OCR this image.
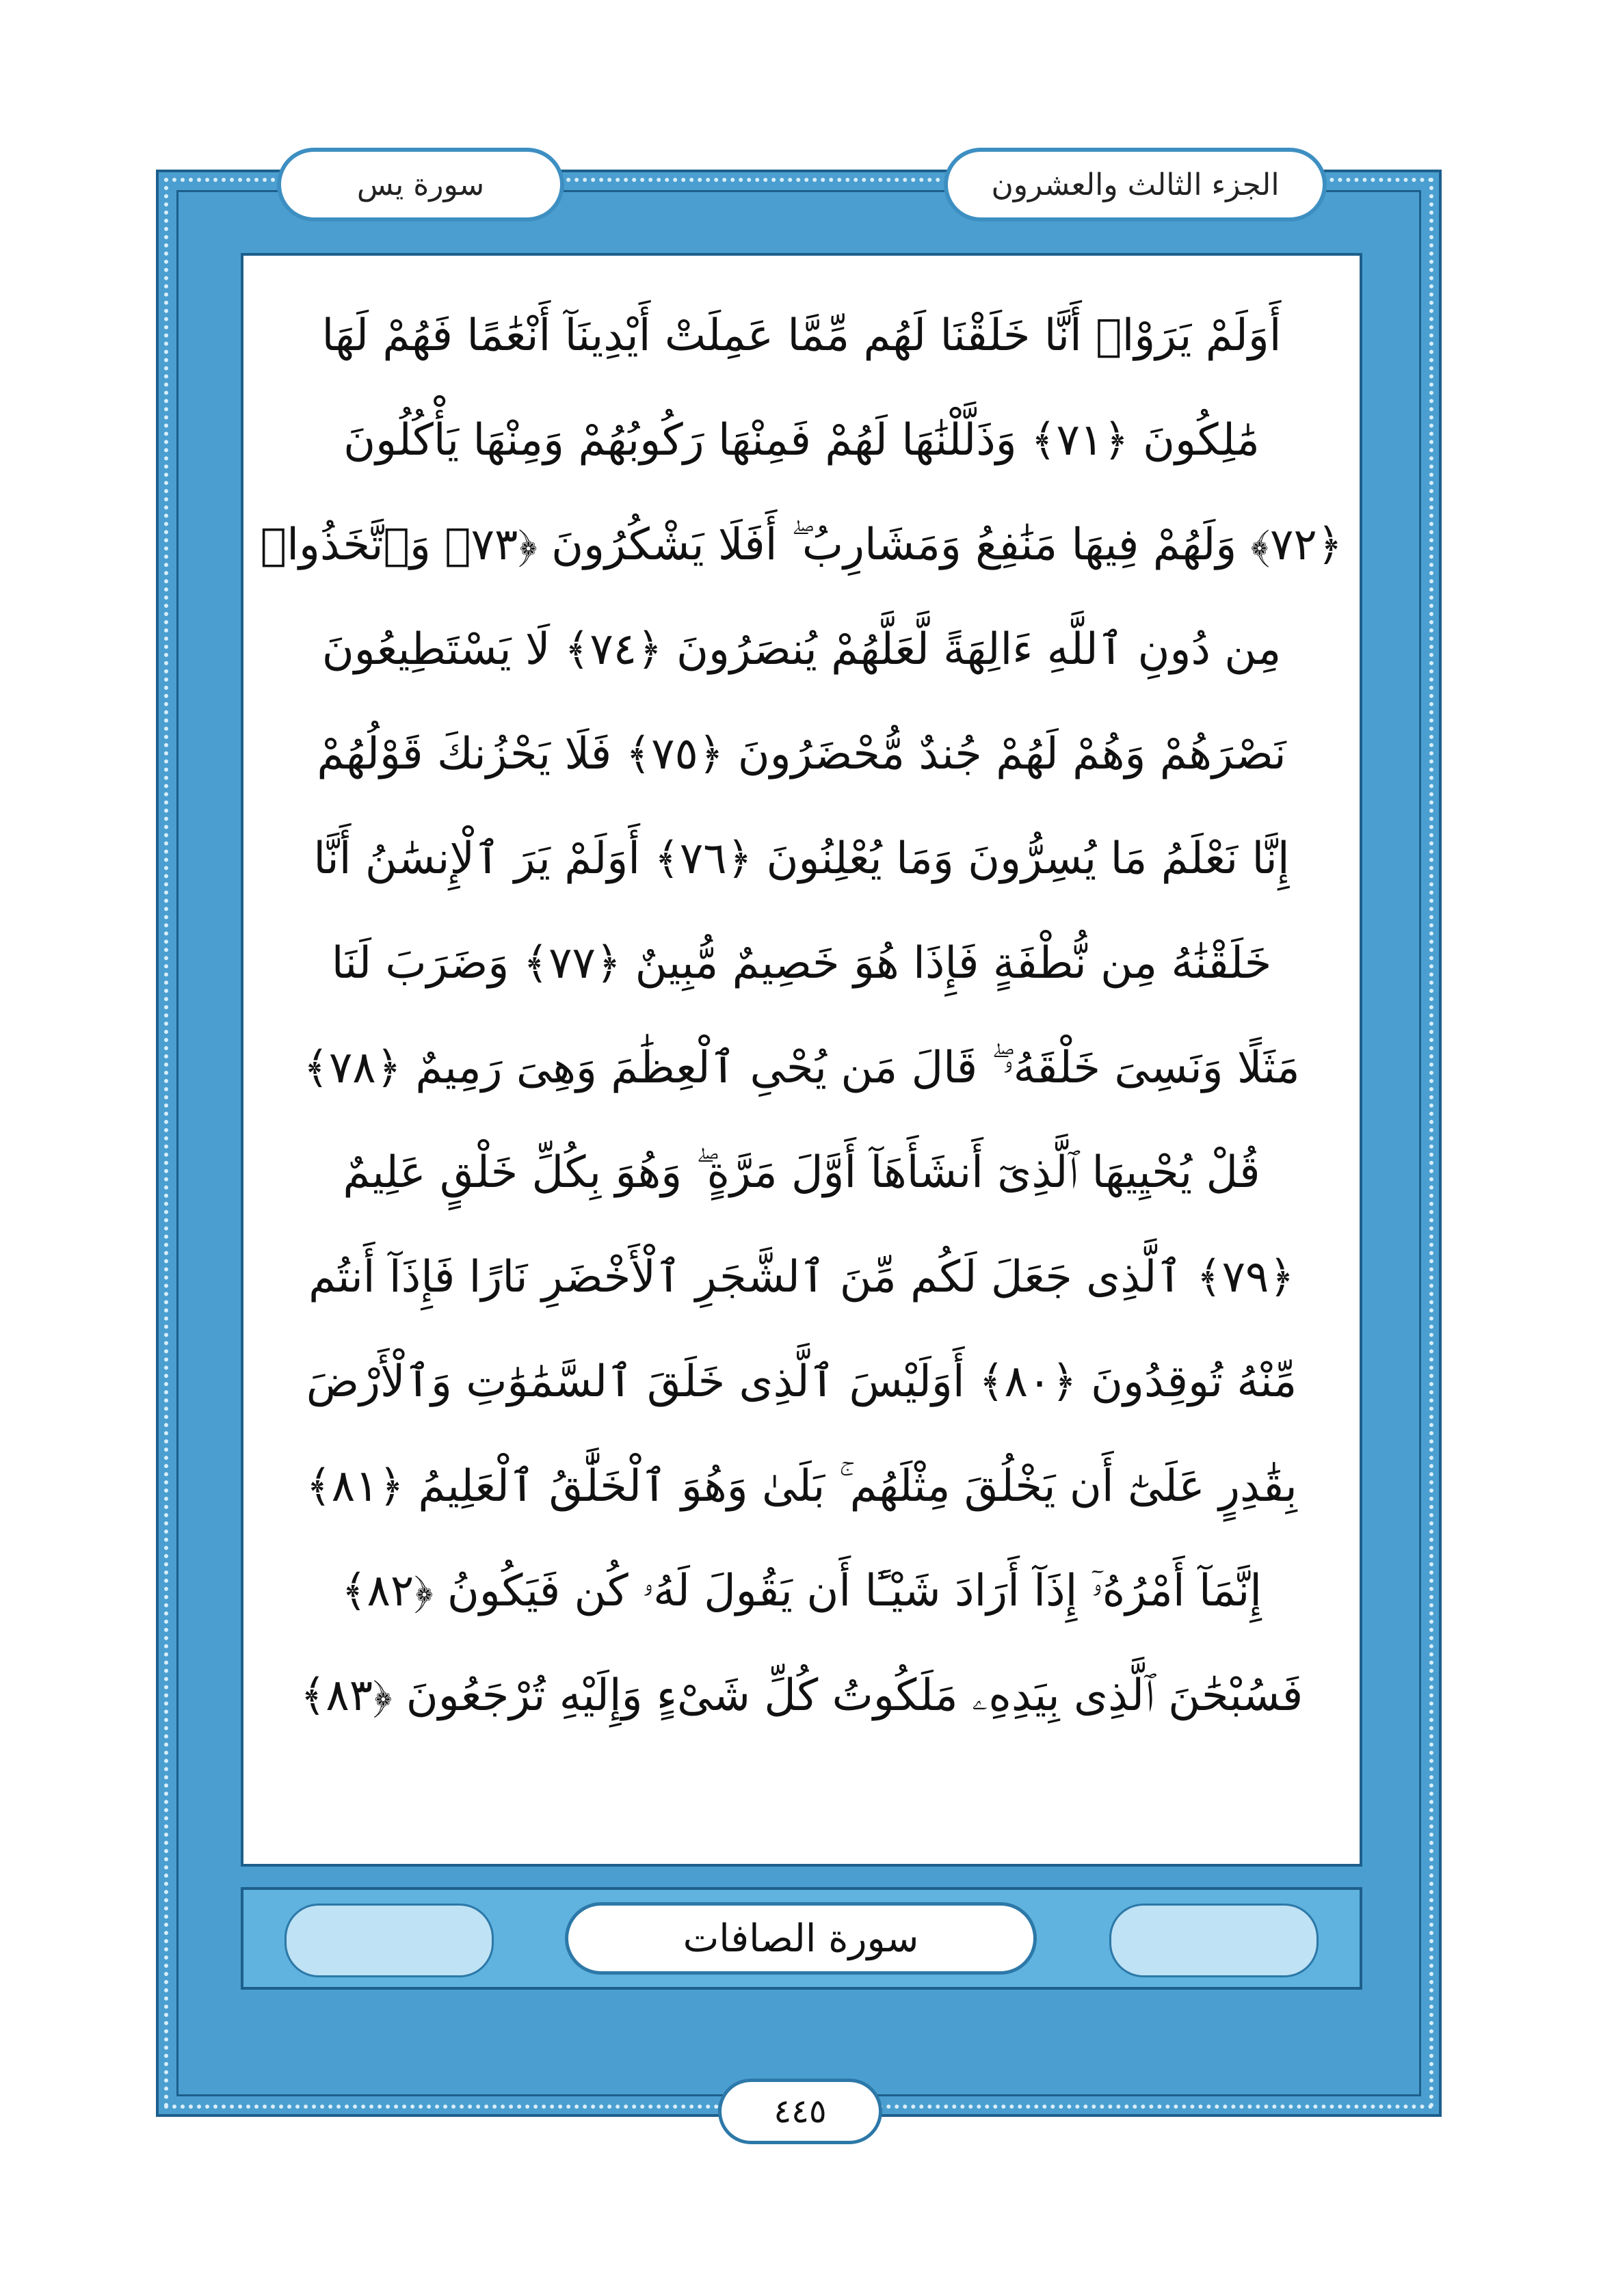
سورة يس	الجزء الثالث والعشرون
أَوَلَمْ يَرَوْا۟ أَنَّا خَلَقْنَا لَهُم مِّمَّا عَمِلَتْ أَيْدِينَآ أَنْعَٰمًا فَهُمْ لَهَا
مَٰلِكُونَ ﴿٧١﴾ وَذَلَّلْنَٰهَا لَهُمْ فَمِنْهَا رَكُوبُهُمْ وَمِنْهَا يَأْكُلُونَ
﴿٧٢﴾ وَلَهُمْ فِيهَا مَنَٰفِعُ وَمَشَارِبُ ۖ أَفَلَا يَشْكُرُونَ ﴿٧٣﴾ وَٱتَّخَذُوا۟
مِن دُونِ ٱللَّهِ ءَالِهَةً لَّعَلَّهُمْ يُنصَرُونَ ﴿٧٤﴾ لَا يَسْتَطِيعُونَ
نَصْرَهُمْ وَهُمْ لَهُمْ جُندٌ مُّحْضَرُونَ ﴿٧٥﴾ فَلَا يَحْزُنكَ قَوْلُهُمْ
إِنَّا نَعْلَمُ مَا يُسِرُّونَ وَمَا يُعْلِنُونَ ﴿٧٦﴾ أَوَلَمْ يَرَ ٱلْإِنسَٰنُ أَنَّا
خَلَقْنَٰهُ مِن نُّطْفَةٍ فَإِذَا هُوَ خَصِيمٌ مُّبِينٌ ﴿٧٧﴾ وَضَرَبَ لَنَا
مَثَلًا وَنَسِىَ خَلْقَهُۥ ۖ قَالَ مَن يُحْىِ ٱلْعِظَٰمَ وَهِىَ رَمِيمٌ ﴿٧٨﴾
قُلْ يُحْيِيهَا ٱلَّذِىٓ أَنشَأَهَآ أَوَّلَ مَرَّةٍ ۖ وَهُوَ بِكُلِّ خَلْقٍ عَلِيمٌ
﴿٧٩﴾ ٱلَّذِى جَعَلَ لَكُم مِّنَ ٱلشَّجَرِ ٱلْأَخْضَرِ نَارًا فَإِذَآ أَنتُم
مِّنْهُ تُوقِدُونَ ﴿٨٠﴾ أَوَلَيْسَ ٱلَّذِى خَلَقَ ٱلسَّمَٰوَٰتِ وَٱلْأَرْضَ
بِقَٰدِرٍ عَلَىٰٓ أَن يَخْلُقَ مِثْلَهُم ۚ بَلَىٰ وَهُوَ ٱلْخَلَّٰقُ ٱلْعَلِيمُ ﴿٨١﴾
إِنَّمَآ أَمْرُهُۥٓ إِذَآ أَرَادَ شَيْـًٔا أَن يَقُولَ لَهُۥ كُن فَيَكُونُ ﴿٨٢﴾
فَسُبْحَٰنَ ٱلَّذِى بِيَدِهِۦ مَلَكُوتُ كُلِّ شَىْءٍ وَإِلَيْهِ تُرْجَعُونَ ﴿٨٣﴾
سورة الصافات
٤٤٥
